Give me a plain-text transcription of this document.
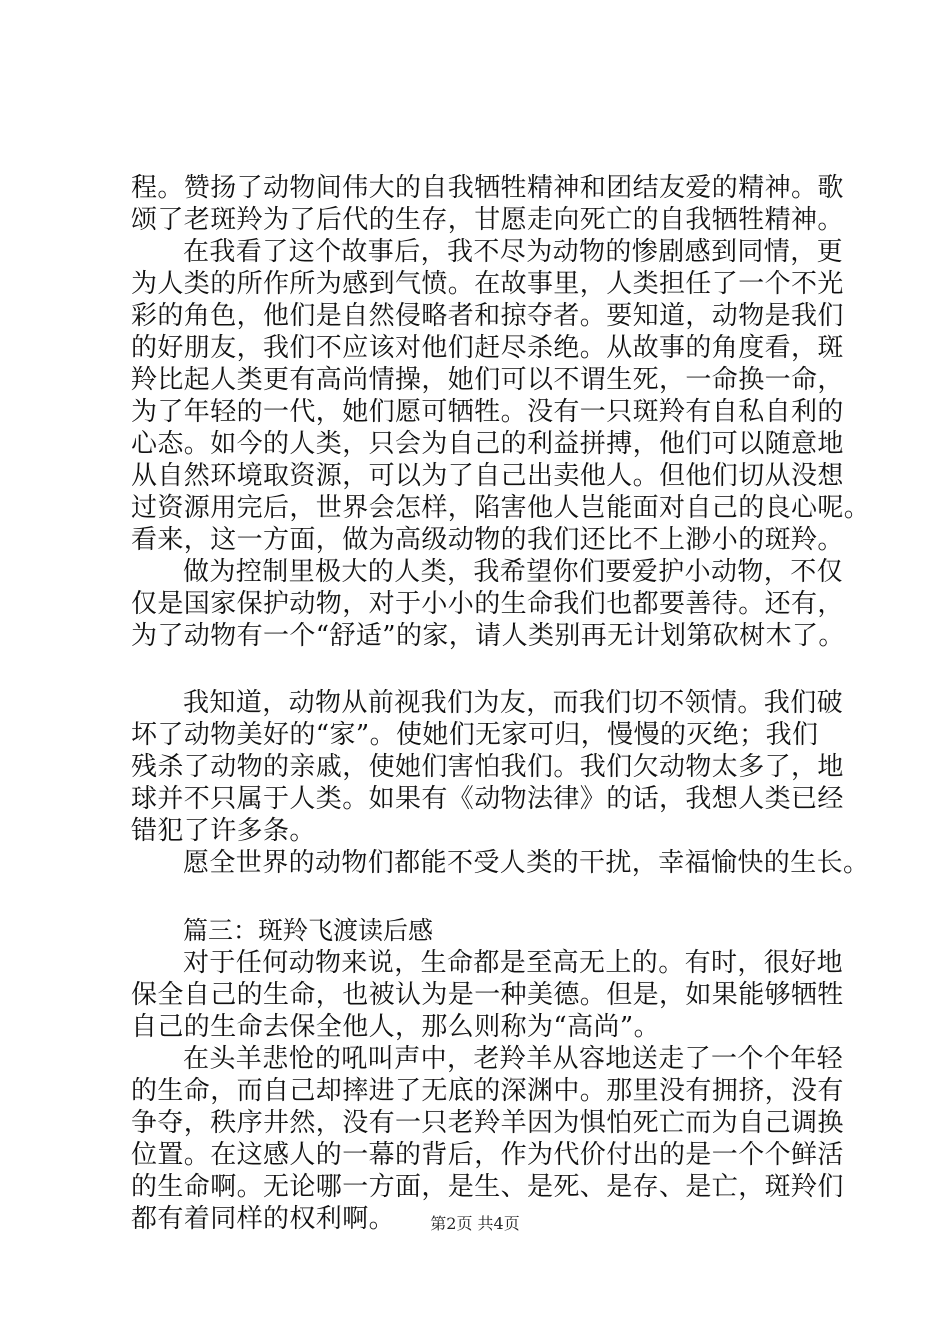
程。赞扬了动物间伟大的自我牺牲精神和团结友爱的精神。歌
颂了老斑羚为了后代的生存，甘愿走向死亡的自我牺牲精神。
在我看了这个故事后，我不尽为动物的惨剧感到同情，更
为人类的所作所为感到气愤。在故事里，人类担任了一个不光
彩的角色，他们是自然侵略者和掠夺者。要知道，动物是我们
的好朋友，我们不应该对他们赶尽杀绝。从故事的角度看，斑
羚比起人类更有高尚情操，她们可以不谓生死，一命换一命，
为了年轻的一代，她们愿可牺牲。没有一只斑羚有自私自利的
心态。如今的人类，只会为自己的利益拼搏，他们可以随意地
从自然环境取资源，可以为了自己出卖他人。但他们切从没想
过资源用完后，世界会怎样，陷害他人岂能面对自己的良心呢。
看来，这一方面，做为高级动物的我们还比不上渺小的斑羚。
做为控制里极大的人类，我希望你们要爱护小动物，不仅
仅是国家保护动物，对于小小的生命我们也都要善待。还有，
为了动物有一个“舒适”的家，请人类别再无计划第砍树木了。
我知道，动物从前视我们为友，而我们切不领情。我们破
坏了动物美好的“家”。使她们无家可归，慢慢的灭绝；我们
残杀了动物的亲戚，使她们害怕我们。我们欠动物太多了，地
球并不只属于人类。如果有《动物法律》的话，我想人类已经
错犯了许多条。
愿全世界的动物们都能不受人类的干扰，幸福愉快的生长。
篇三：斑羚飞渡读后感
对于任何动物来说，生命都是至高无上的。有时，很好地
保全自己的生命，也被认为是一种美德。但是，如果能够牺牲
自己的生命去保全他人，那么则称为“高尚”。
在头羊悲怆的吼叫声中，老羚羊从容地送走了一个个年轻
的生命，而自己却摔进了无底的深渊中。那里没有拥挤，没有
争夺，秩序井然，没有一只老羚羊因为惧怕死亡而为自己调换
位置。在这感人的一幕的背后，作为代价付出的是一个个鲜活
的生命啊。无论哪一方面，是生、是死、是存、是亡，斑羚们
都有着同样的权利啊。	第2页 共4页
